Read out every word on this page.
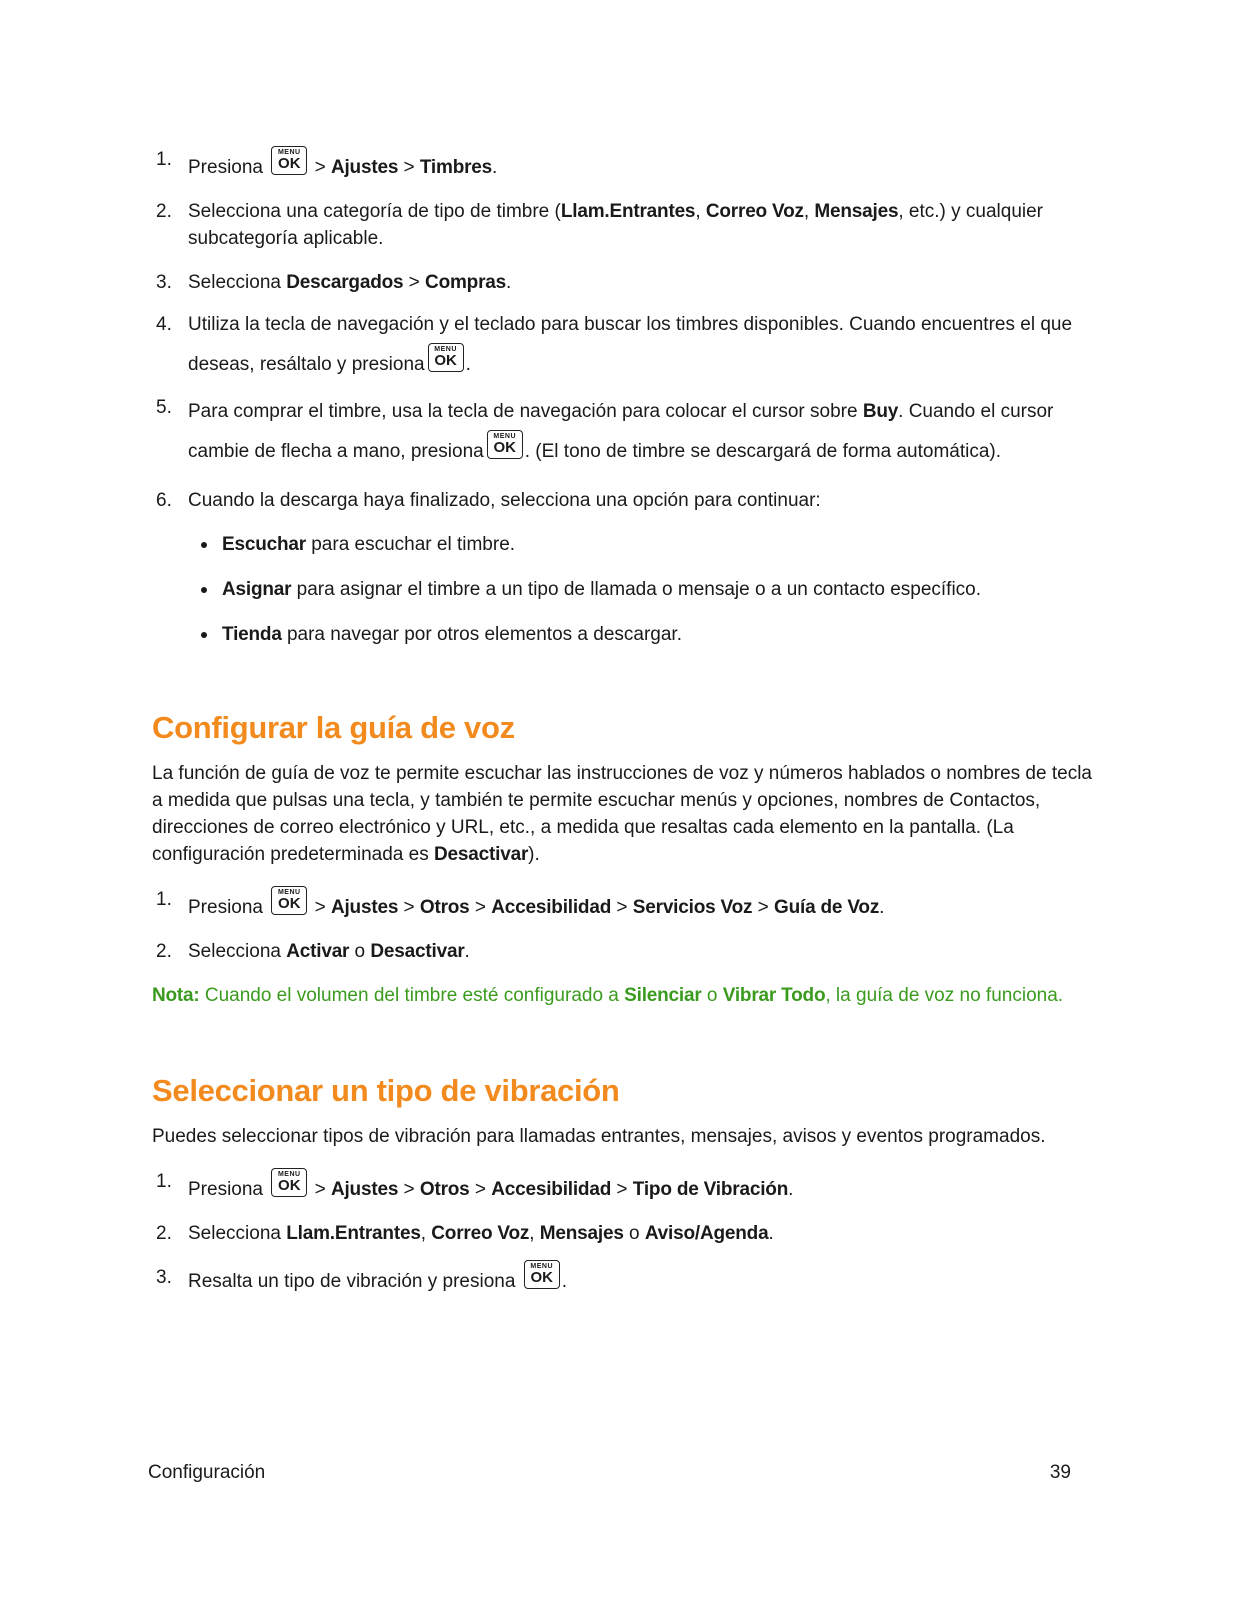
1. Presiona
MENU
OK > Ajustes > Timbres.
2. Selecciona una categoría de tipo de timbre (Llam.Entrantes, Correo Voz, Mensajes, etc.) y cualquier subcategoría aplicable.
3. Selecciona Descargados > Compras.
4. Utiliza la tecla de navegación y el teclado para buscar los timbres disponibles. Cuando encuentres el que deseas, resáltalo y presiona
MENU
OK .
5. Para comprar el timbre, usa la tecla de navegación para colocar el cursor sobre Buy. Cuando el cursor cambie de flecha a mano, presiona
MENU
OK . (El tono de timbre se descargará de forma automática).
6. Cuando la descarga haya finalizado, selecciona una opción para continuar:
Escuchar para escuchar el timbre.
Asignar para asignar el timbre a un tipo de llamada o mensaje o a un contacto específico.
Tienda para navegar por otros elementos a descargar.
Configurar la guía de voz

La función de guía de voz te permite escuchar las instrucciones de voz y números hablados o nombres de tecla a medida que pulsas una tecla, y también te permite escuchar menús y opciones, nombres de Contactos, direcciones de correo electrónico y URL, etc., a medida que resaltas cada elemento en la pantalla. (La configuración predeterminada es Desactivar).

1. Presiona
MENU
OK > Ajustes > Otros > Accesibilidad > Servicios Voz > Guía de Voz.
2. Selecciona Activar o Desactivar.

Nota: Cuando el volumen del timbre esté configurado a Silenciar o Vibrar Todo, la guía de voz no funciona.

Seleccionar un tipo de vibración

Puedes seleccionar tipos de vibración para llamadas entrantes, mensajes, avisos y eventos programados.

1. Presiona
MENU
OK > Ajustes > Otros > Accesibilidad > Tipo de Vibración.
2. Selecciona Llam.Entrantes, Correo Voz, Mensajes o Aviso/Agenda.
3. Resalta un tipo de vibración y presiona
MENU
OK .
Configuración	39
